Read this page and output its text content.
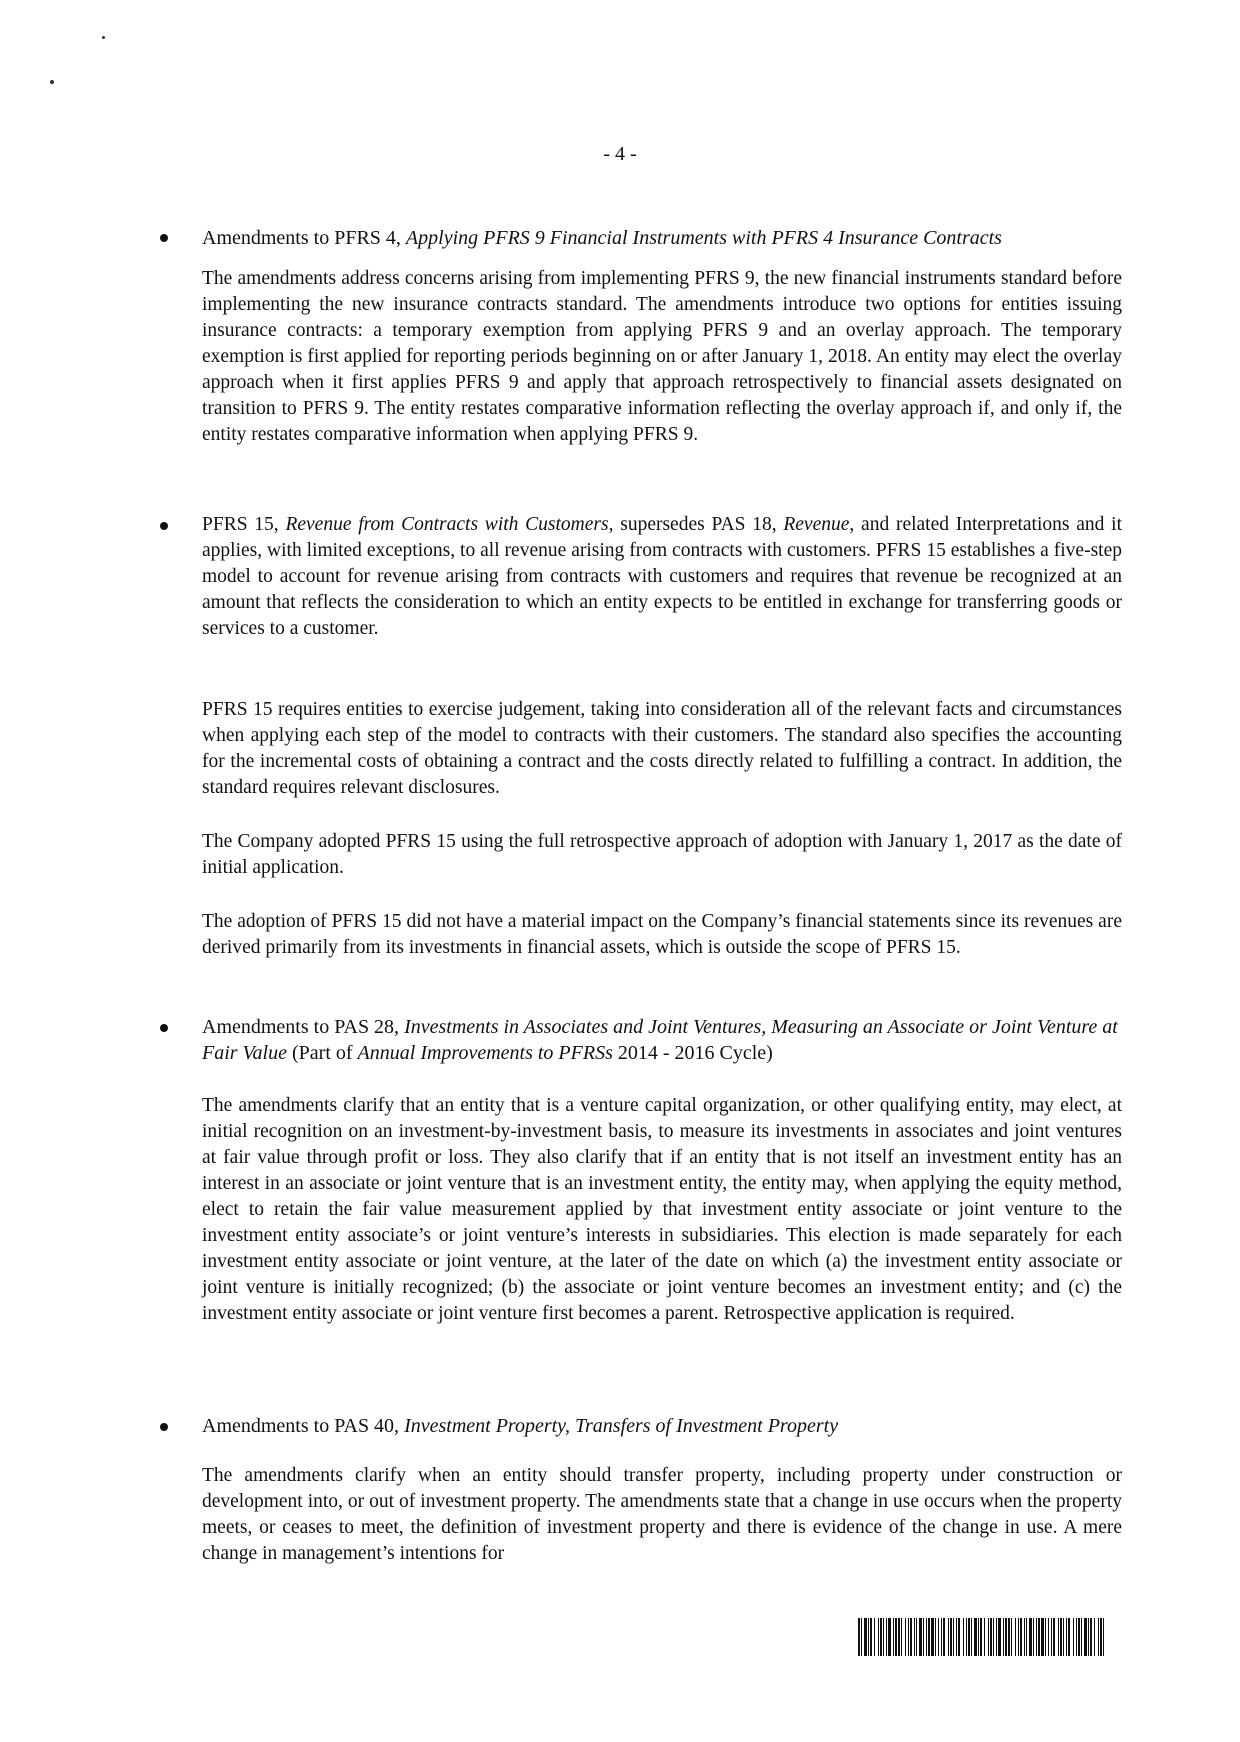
- 4 -
Amendments to PFRS 4, Applying PFRS 9 Financial Instruments with PFRS 4 Insurance Contracts

The amendments address concerns arising from implementing PFRS 9, the new financial instruments standard before implementing the new insurance contracts standard. The amendments introduce two options for entities issuing insurance contracts: a temporary exemption from applying PFRS 9 and an overlay approach. The temporary exemption is first applied for reporting periods beginning on or after January 1, 2018. An entity may elect the overlay approach when it first applies PFRS 9 and apply that approach retrospectively to financial assets designated on transition to PFRS 9. The entity restates comparative information reflecting the overlay approach if, and only if, the entity restates comparative information when applying PFRS 9.

PFRS 15, Revenue from Contracts with Customers, supersedes PAS 18, Revenue, and related Interpretations and it applies, with limited exceptions, to all revenue arising from contracts with customers. PFRS 15 establishes a five-step model to account for revenue arising from contracts with customers and requires that revenue be recognized at an amount that reflects the consideration to which an entity expects to be entitled in exchange for transferring goods or services to a customer.

PFRS 15 requires entities to exercise judgement, taking into consideration all of the relevant facts and circumstances when applying each step of the model to contracts with their customers. The standard also specifies the accounting for the incremental costs of obtaining a contract and the costs directly related to fulfilling a contract. In addition, the standard requires relevant disclosures.

The Company adopted PFRS 15 using the full retrospective approach of adoption with January 1, 2017 as the date of initial application.

The adoption of PFRS 15 did not have a material impact on the Company’s financial statements since its revenues are derived primarily from its investments in financial assets, which is outside the scope of PFRS 15.

Amendments to PAS 28, Investments in Associates and Joint Ventures, Measuring an Associate or Joint Venture at Fair Value (Part of Annual Improvements to PFRSs 2014 - 2016 Cycle)

The amendments clarify that an entity that is a venture capital organization, or other qualifying entity, may elect, at initial recognition on an investment-by-investment basis, to measure its investments in associates and joint ventures at fair value through profit or loss. They also clarify that if an entity that is not itself an investment entity has an interest in an associate or joint venture that is an investment entity, the entity may, when applying the equity method, elect to retain the fair value measurement applied by that investment entity associate or joint venture to the investment entity associate’s or joint venture’s interests in subsidiaries. This election is made separately for each investment entity associate or joint venture, at the later of the date on which (a) the investment entity associate or joint venture is initially recognized; (b) the associate or joint venture becomes an investment entity; and (c) the investment entity associate or joint venture first becomes a parent. Retrospective application is required.

Amendments to PAS 40, Investment Property, Transfers of Investment Property

The amendments clarify when an entity should transfer property, including property under construction or development into, or out of investment property. The amendments state that a change in use occurs when the property meets, or ceases to meet, the definition of investment property and there is evidence of the change in use. A mere change in management’s intentions for
